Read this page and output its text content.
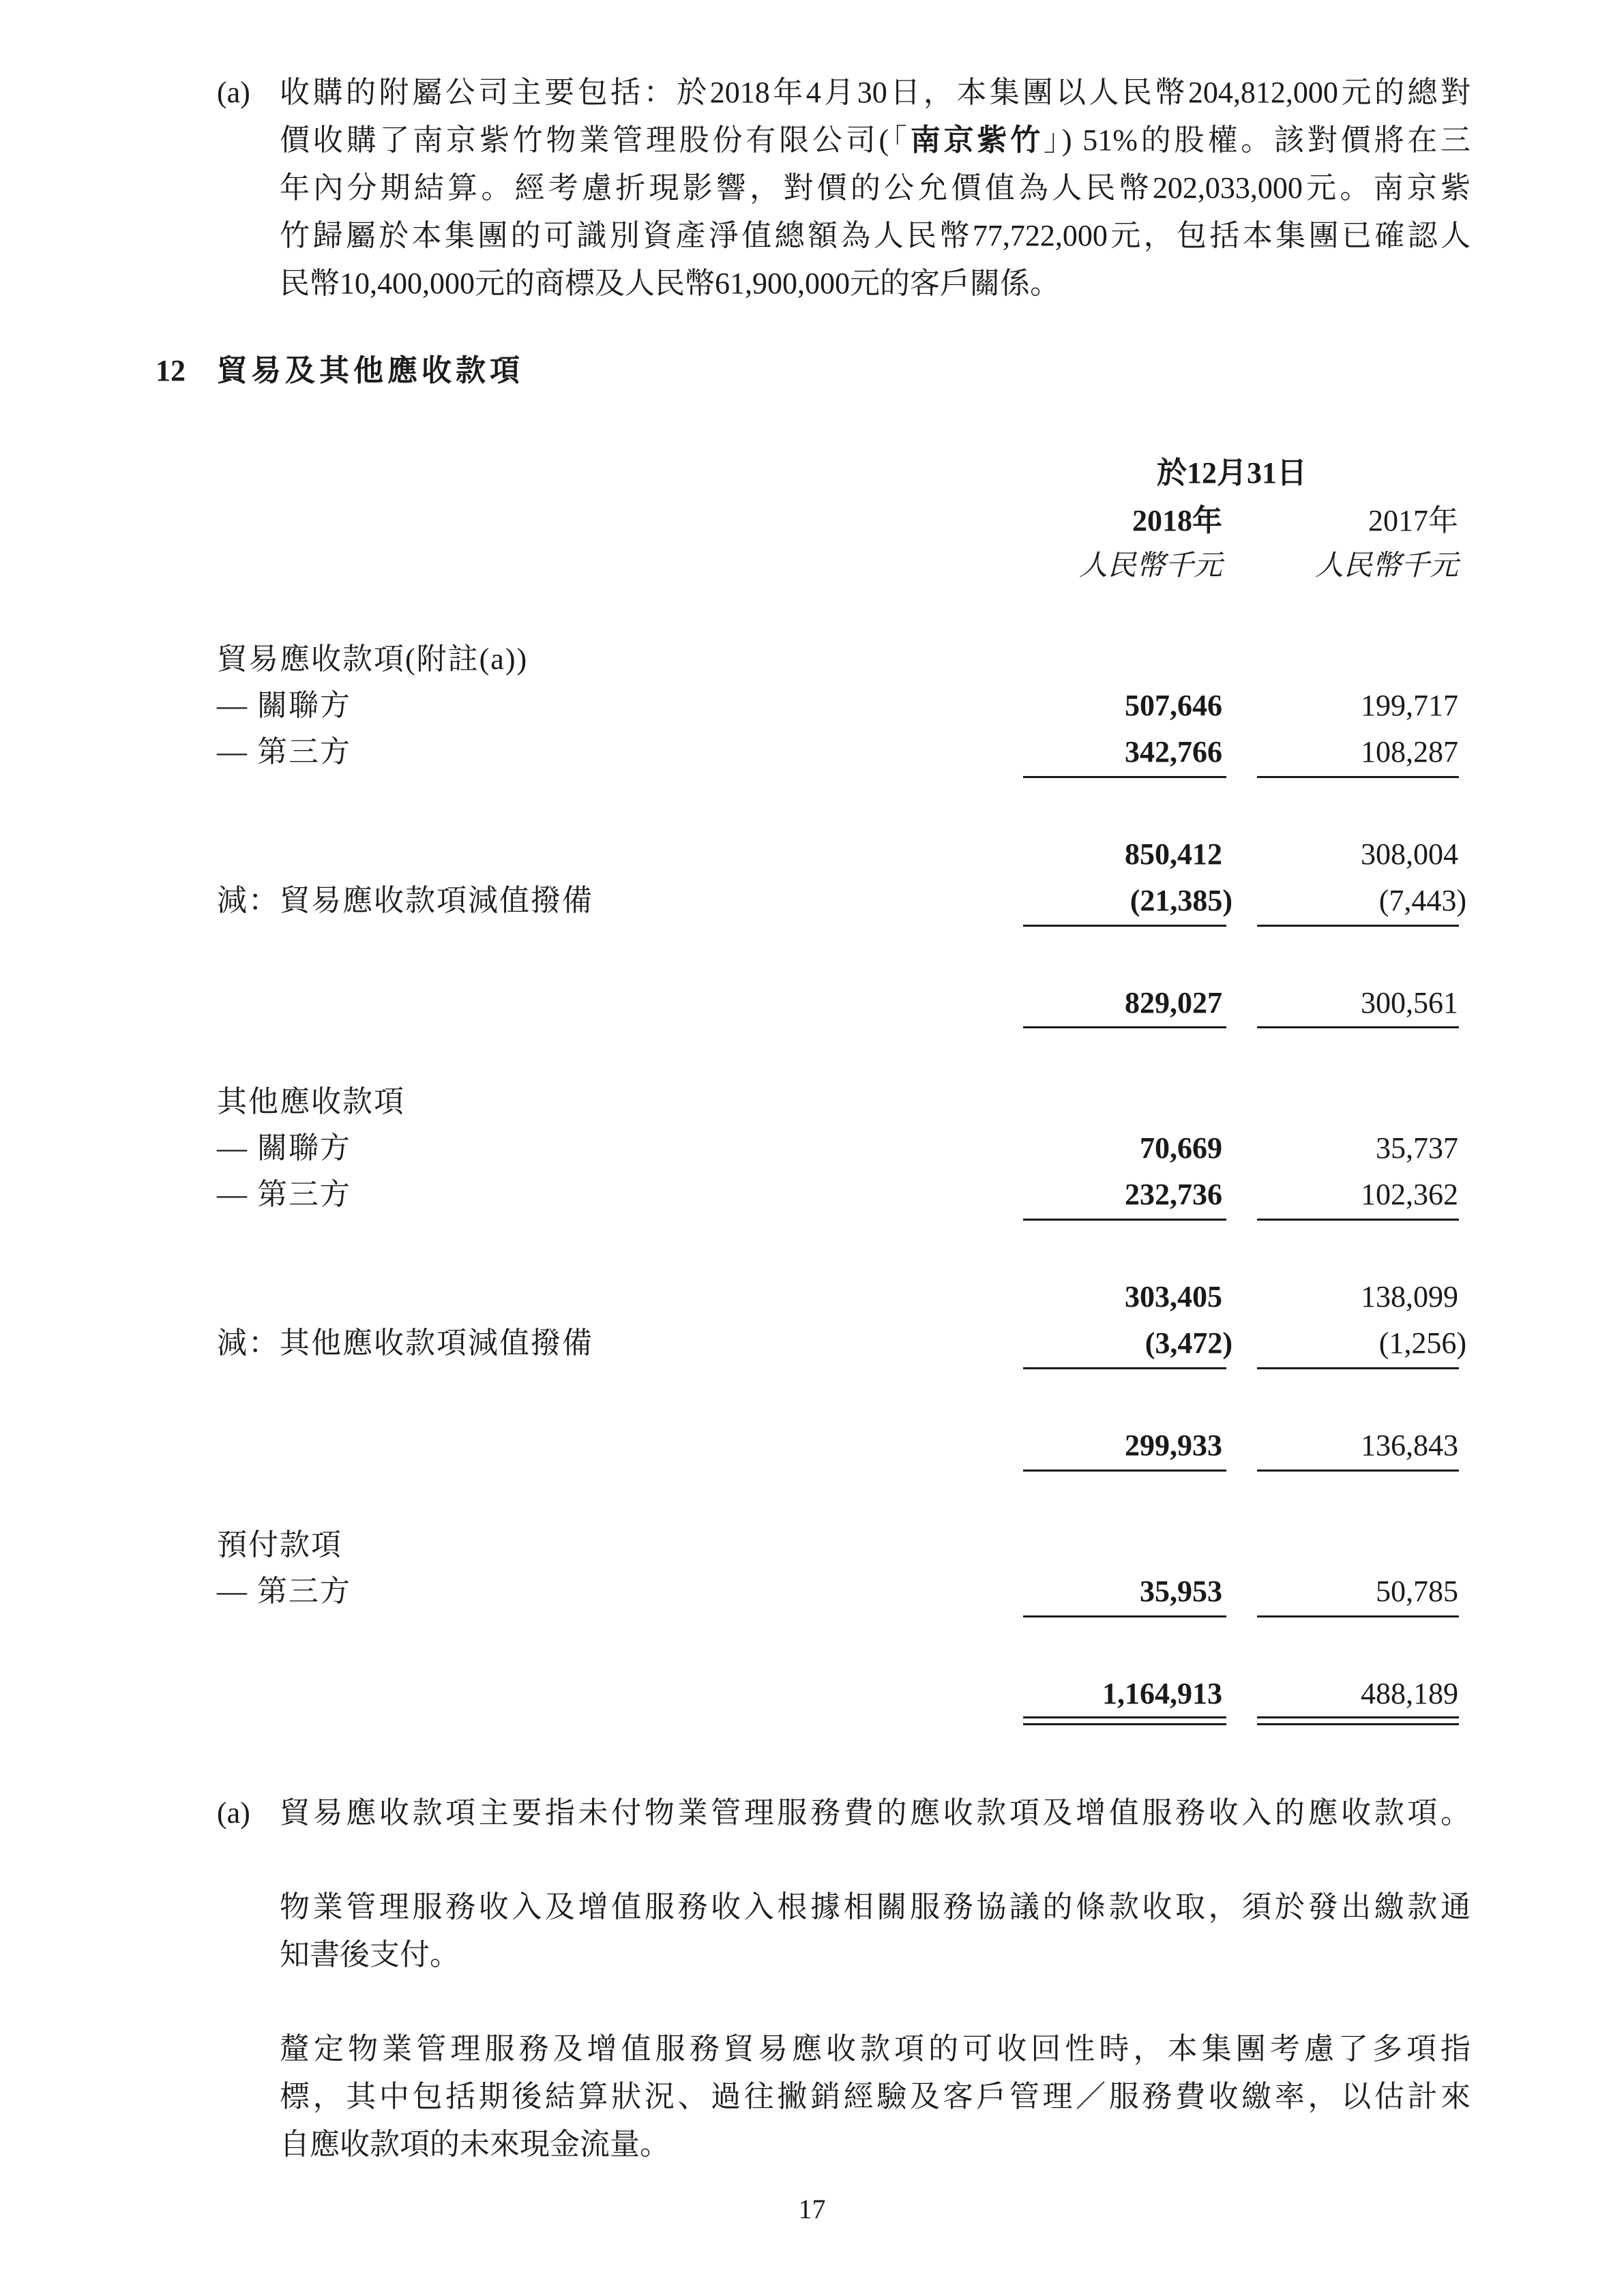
(a) 收購的附屬公司主要包括：於2018年4月30日，本集團以人民幣204,812,000元的總對
價收購了南京紫竹物業管理股份有限公司(「南京紫竹」) 51%的股權。該對價將在三
年內分期結算。經考慮折現影響，對價的公允價值為人民幣202,033,000元。南京紫
竹歸屬於本集團的可識別資產淨值總額為人民幣77,722,000元，包括本集團已確認人
民幣10,400,000元的商標及人民幣61,900,000元的客戶關係。
12 貿易及其他應收款項
於12月31日
2018年	2017年
人民幣千元	人民幣千元
貿易應收款項(附註(a))
— 關聯方	507,646	199,717
— 第三方	342,766	108,287
850,412	308,004
減：貿易應收款項減值撥備	(21,385)	(7,443)
829,027	300,561
其他應收款項
— 關聯方	70,669	35,737
— 第三方	232,736	102,362
303,405	138,099
減：其他應收款項減值撥備	(3,472)	(1,256)
299,933	136,843
預付款項
— 第三方	35,953	50,785
1,164,913	488,189
(a) 貿易應收款項主要指未付物業管理服務費的應收款項及增值服務收入的應收款項。
物業管理服務收入及增值服務收入根據相關服務協議的條款收取，須於發出繳款通
知書後支付。
釐定物業管理服務及增值服務貿易應收款項的可收回性時，本集團考慮了多項指
標，其中包括期後結算狀況、過往撇銷經驗及客戶管理／服務費收繳率，以估計來
自應收款項的未來現金流量。
17
